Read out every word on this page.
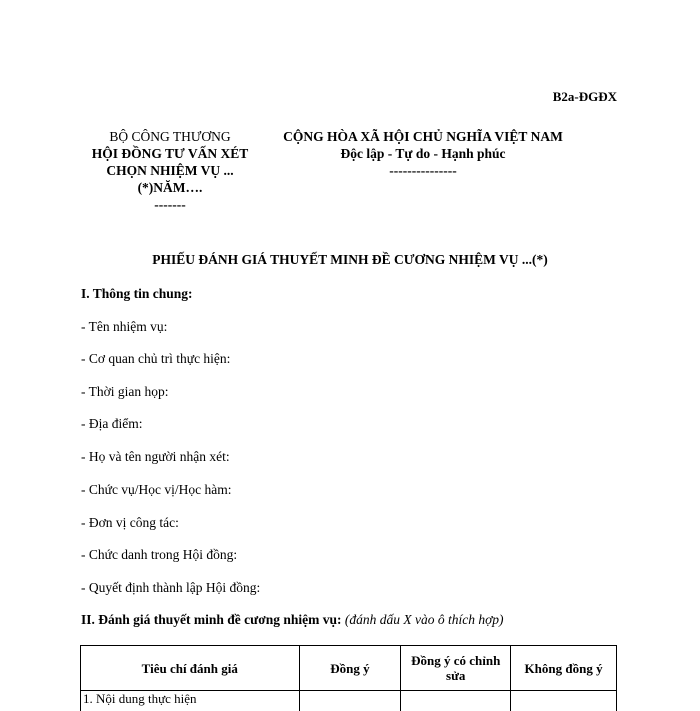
B2a-ĐGĐX
BỘ CÔNG THƯƠNG
HỘI ĐỒNG TƯ VẤN XÉT
CHỌN NHIỆM VỤ ...
(*)NĂM….
-------
CỘNG HÒA XÃ HỘI CHỦ NGHĨA VIỆT NAM
Độc lập - Tự do - Hạnh phúc
---------------
PHIẾU ĐÁNH GIÁ THUYẾT MINH ĐỀ CƯƠNG NHIỆM VỤ ...(*)
I. Thông tin chung:
- Tên nhiệm vụ:
- Cơ quan chủ trì thực hiện:
- Thời gian họp:
- Địa điểm:
- Họ và tên người nhận xét:
- Chức vụ/Học vị/Học hàm:
- Đơn vị công tác:
- Chức danh trong Hội đồng:
- Quyết định thành lập Hội đồng:
II. Đánh giá thuyết minh đề cương nhiệm vụ: (đánh dấu X vào ô thích hợp)
Tiêu chí đánh giá	Đồng ý	Đồng ý có chỉnh sửa	Không đồng ý
1. Nội dung thực hiện			
